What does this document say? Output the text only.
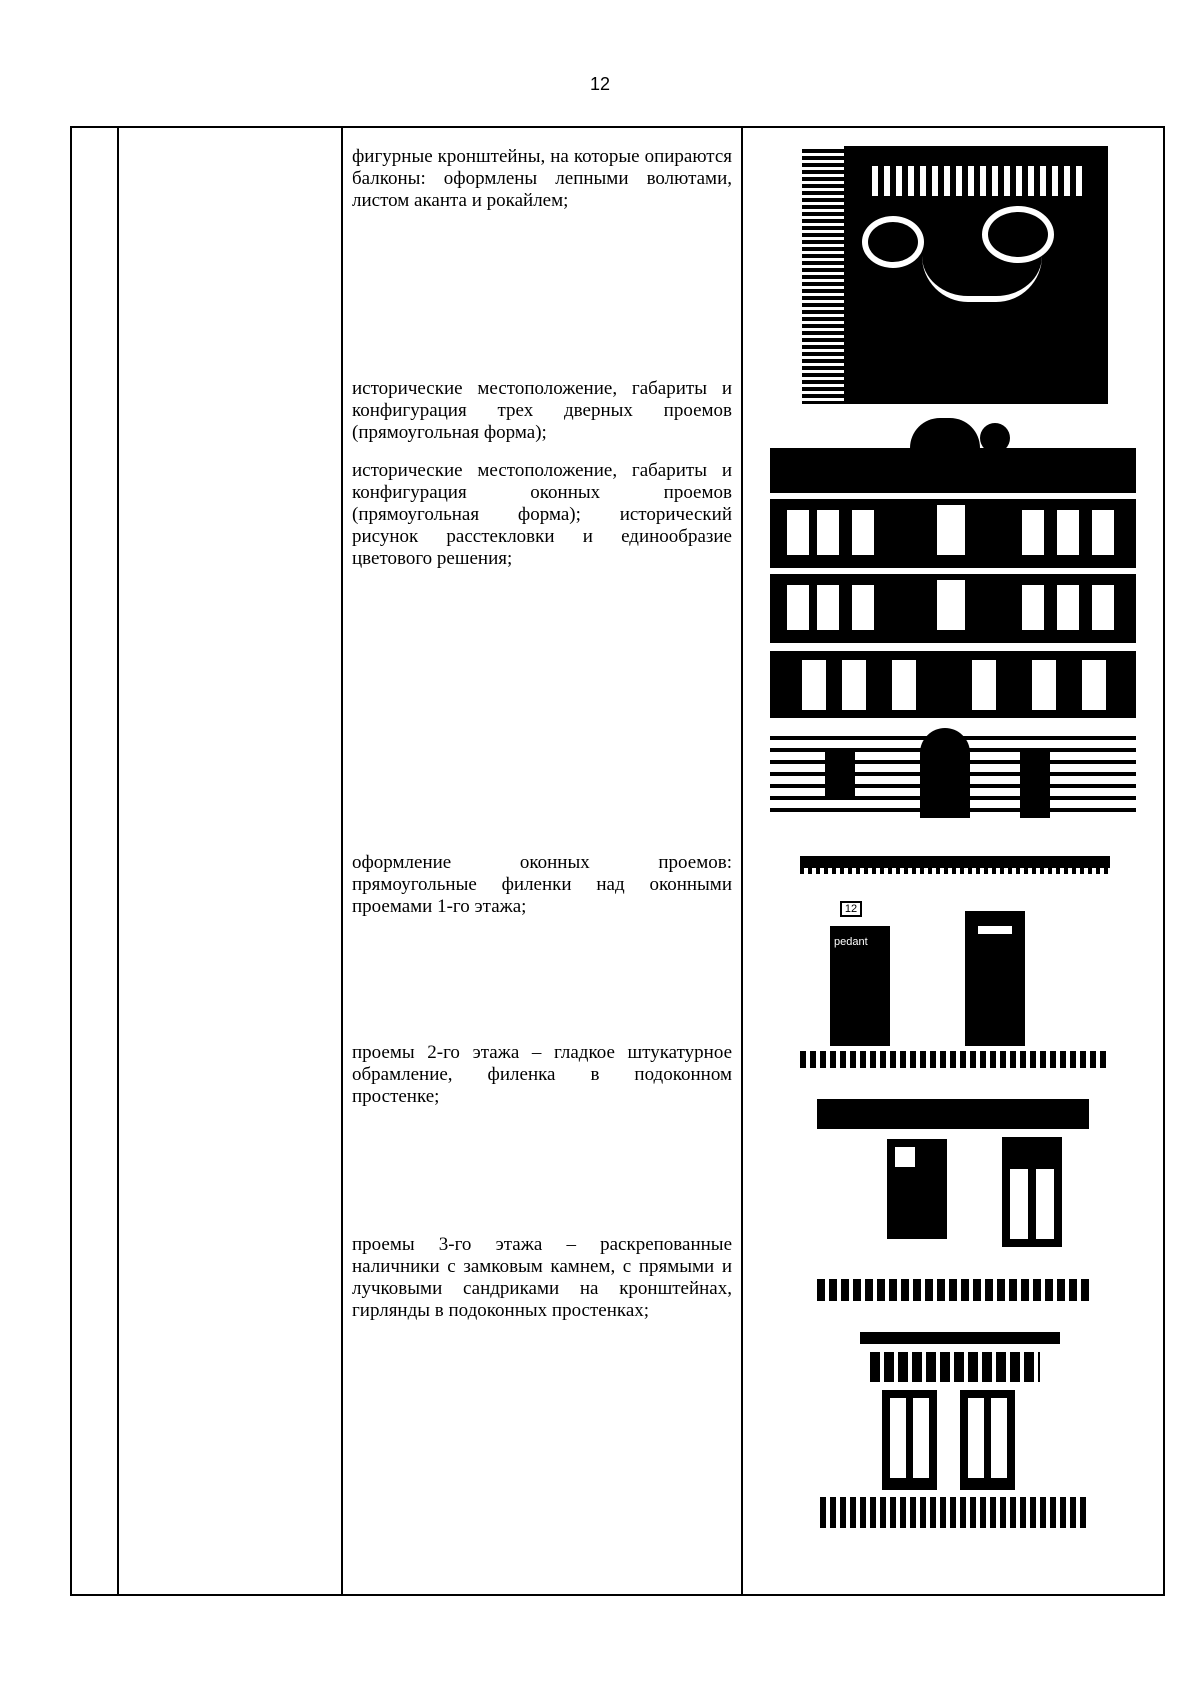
12

фигурные кронштейны, на которые опираются балконы: оформлены лепными волютами, листом аканта и рокайлем;

исторические местоположение, габариты и конфигурация трех дверных проемов (прямоугольная форма);

исторические местоположение, габариты и конфигурация оконных проемов (прямоугольная форма); исторический рисунок расстекловки и единообразие цветового решения;

оформление оконных проемов: прямоугольные филенки над оконными проемами 1-го этажа;

pedant
12

проемы 2-го этажа – гладкое штукатурное обрамление, филенка в подоконном простенке;

проемы 3-го этажа – раскрепованные наличники с замковым камнем, с прямыми и лучковыми сандриками на кронштейнах, гирлянды в подоконных простенках;
